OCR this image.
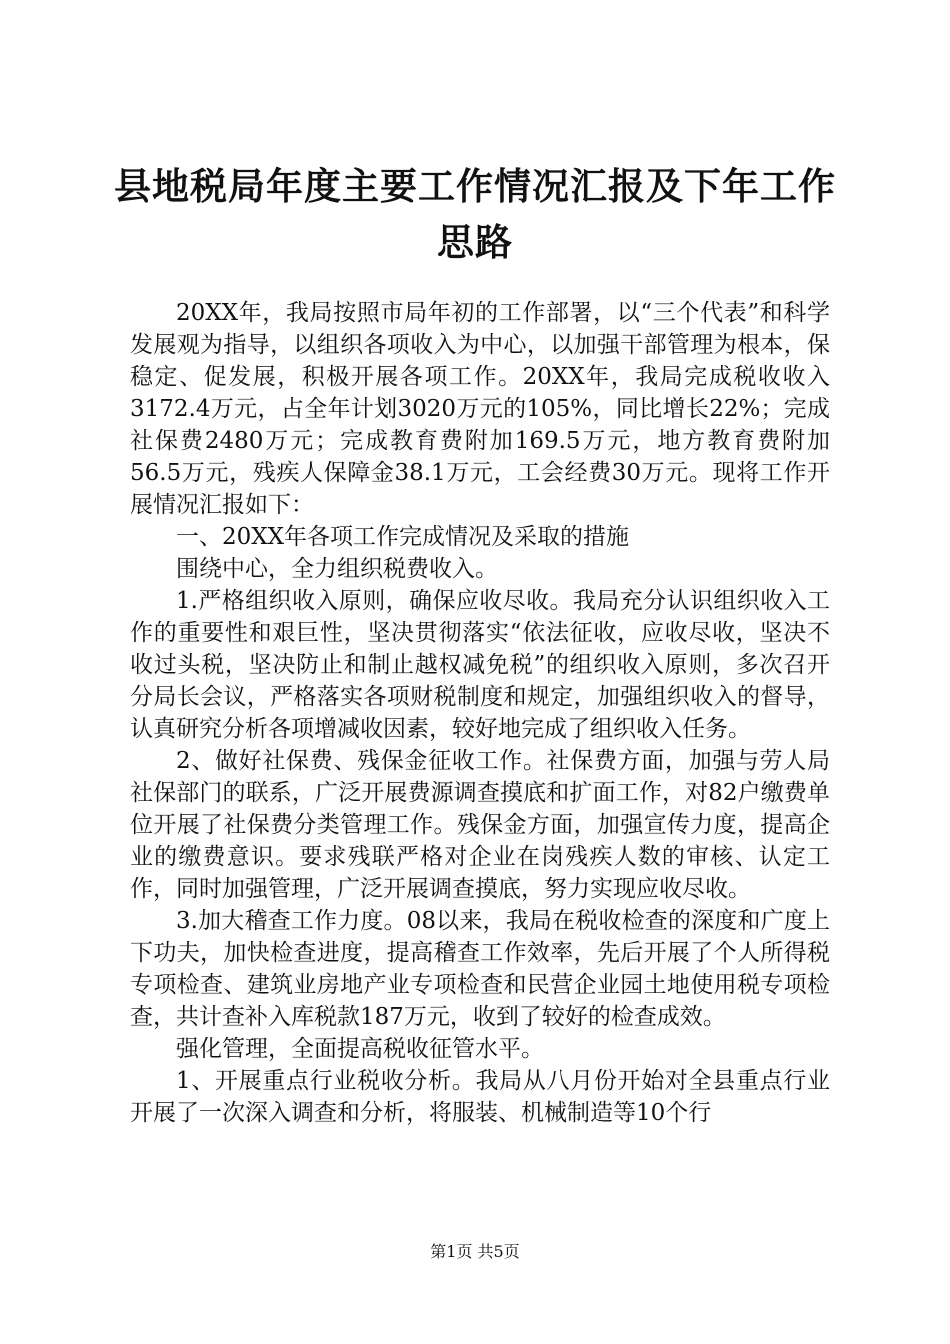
县地税局年度主要工作情况汇报及下年工作思路

20XX年，我局按照市局年初的工作部署，以“三个代表”和科学发展观为指导，以组织各项收入为中心，以加强干部管理为根本，保稳定、促发展，积极开展各项工作。20XX年，我局完成税收收入3172.4万元，占全年计划3020万元的105%，同比增长22%；完成社保费2480万元；完成教育费附加169.5万元，地方教育费附加56.5万元，残疾人保障金38.1万元，工会经费30万元。现将工作开展情况汇报如下：

一、20XX年各项工作完成情况及采取的措施

围绕中心，全力组织税费收入。

1.严格组织收入原则，确保应收尽收。我局充分认识组织收入工作的重要性和艰巨性，坚决贯彻落实“依法征收，应收尽收，坚决不收过头税，坚决防止和制止越权减免税”的组织收入原则，多次召开分局长会议，严格落实各项财税制度和规定，加强组织收入的督导，认真研究分析各项增减收因素，较好地完成了组织收入任务。

2、做好社保费、残保金征收工作。社保费方面，加强与劳人局社保部门的联系，广泛开展费源调查摸底和扩面工作，对82户缴费单位开展了社保费分类管理工作。残保金方面，加强宣传力度，提高企业的缴费意识。要求残联严格对企业在岗残疾人数的审核、认定工作，同时加强管理，广泛开展调查摸底，努力实现应收尽收。

3.加大稽查工作力度。08以来，我局在税收检查的深度和广度上下功夫，加快检查进度，提高稽查工作效率，先后开展了个人所得税专项检查、建筑业房地产业专项检查和民营企业园土地使用税专项检查，共计查补入库税款187万元，收到了较好的检查成效。

强化管理，全面提高税收征管水平。

1、开展重点行业税收分析。我局从八月份开始对全县重点行业开展了一次深入调查和分析，将服装、机械制造等10个行

第1页 共5页
